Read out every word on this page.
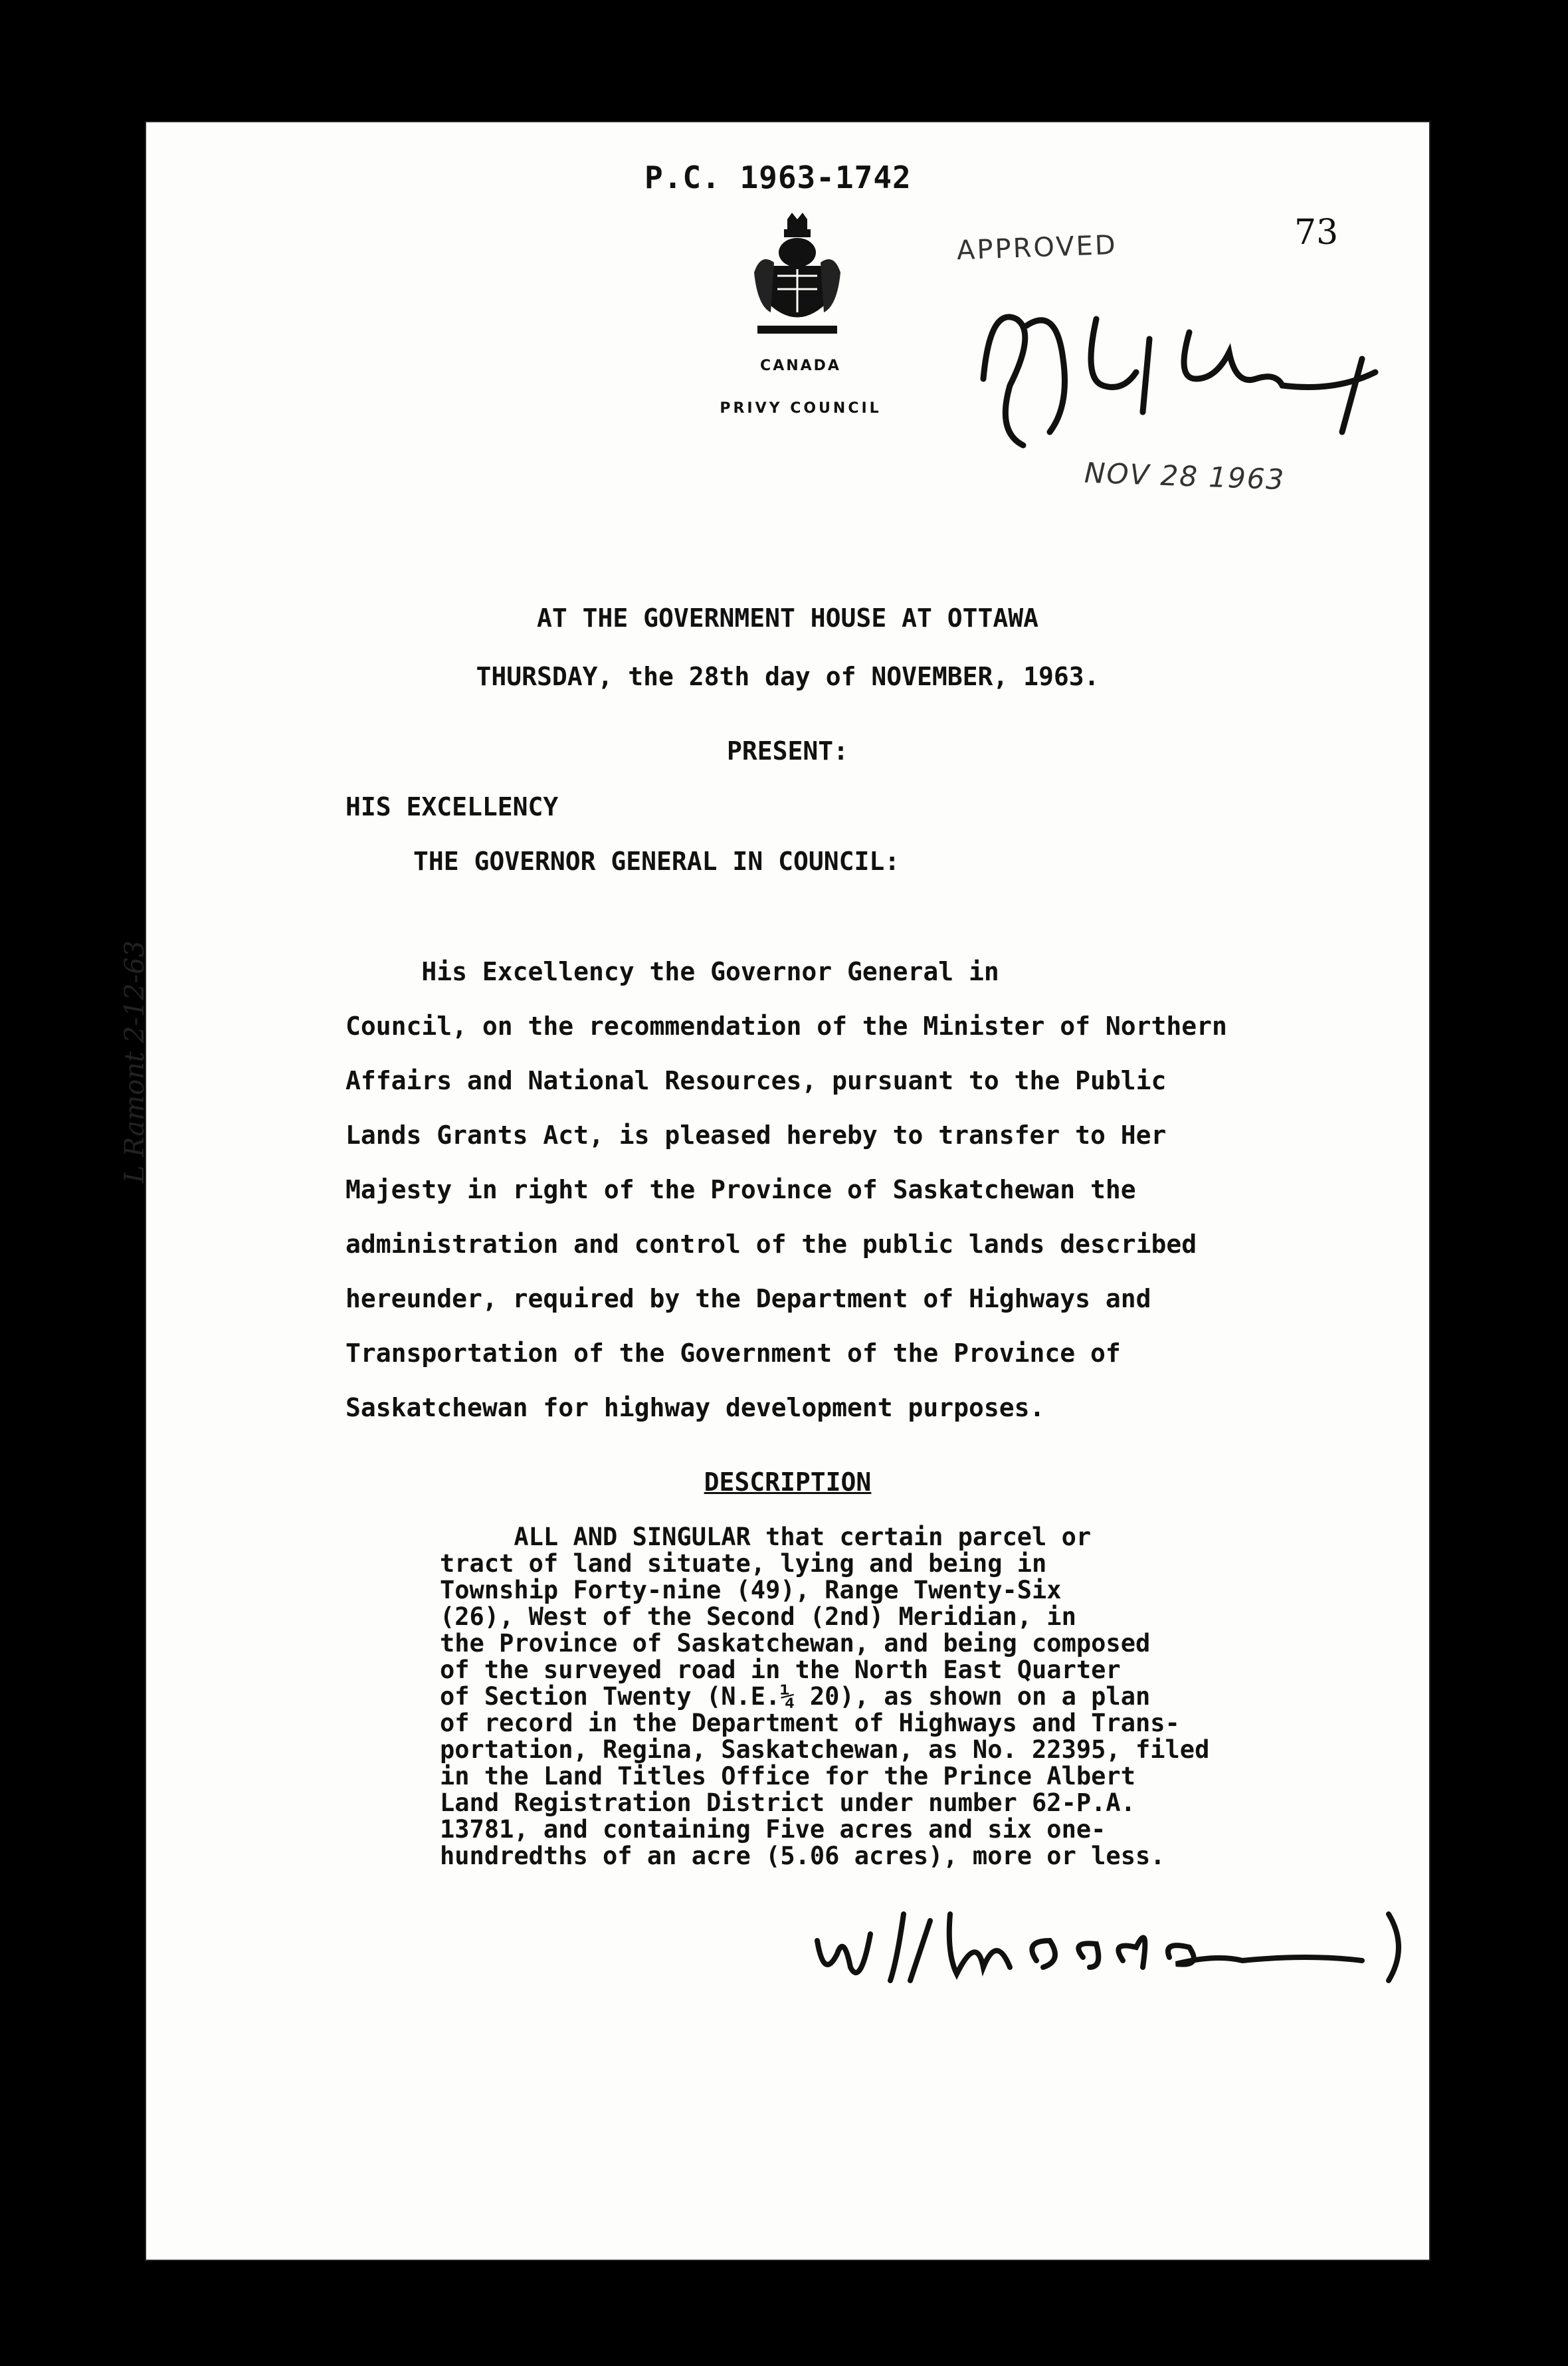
P.C. 1963-1742
73
CANADA
PRIVY COUNCIL
APPROVED
NOV 28 1963
L Ramont 2-12-63
AT THE GOVERNMENT HOUSE AT OTTAWA
THURSDAY, the 28th day of NOVEMBER, 1963.
PRESENT:
HIS EXCELLENCY
THE GOVERNOR GENERAL IN COUNCIL:
His Excellency the Governor General in
Council, on the recommendation of the Minister of Northern
Affairs and National Resources, pursuant to the Public
Lands Grants Act, is pleased hereby to transfer to Her
Majesty in right of the Province of Saskatchewan the
administration and control of the public lands described
hereunder, required by the Department of Highways and
Transportation of the Government of the Province of
Saskatchewan for highway development purposes.
DESCRIPTION
ALL AND SINGULAR that certain parcel or
tract of land situate, lying and being in
Township Forty-nine (49), Range Twenty-Six
(26), West of the Second (2nd) Meridian, in
the Province of Saskatchewan, and being composed
of the surveyed road in the North East Quarter
of Section Twenty (N.E.¼ 20), as shown on a plan
of record in the Department of Highways and Trans-
portation, Regina, Saskatchewan, as No. 22395, filed
in the Land Titles Office for the Prince Albert
Land Registration District under number 62-P.A.
13781, and containing Five acres and six one-
hundredths of an acre (5.06 acres), more or less.
